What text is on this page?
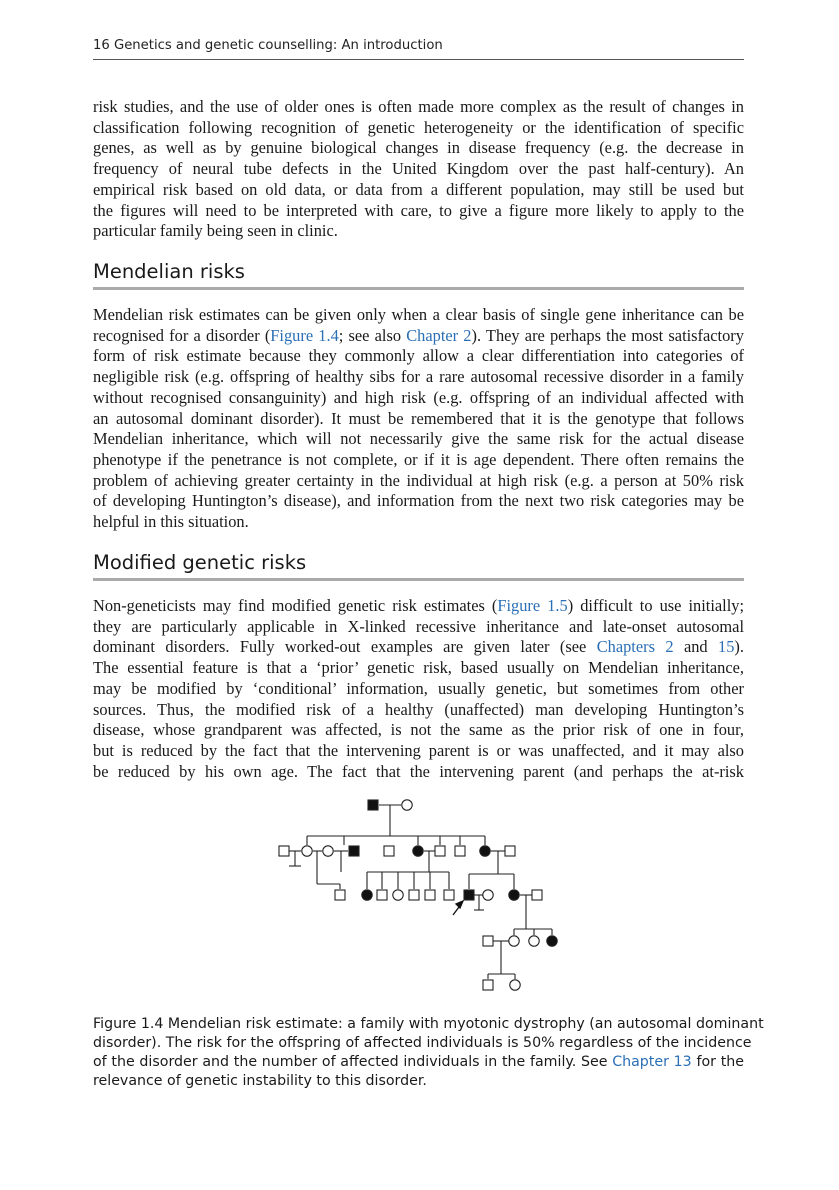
16 Genetics and genetic counselling: An introduction
risk studies, and the use of older ones is often made more complex as the result of changes in
classification following recognition of genetic heterogeneity or the identification of specific
genes, as well as by genuine biological changes in disease frequency (e.g. the decrease in
frequency of neural tube defects in the United Kingdom over the past half-century). An
empirical risk based on old data, or data from a different population, may still be used but
the figures will need to be interpreted with care, to give a figure more likely to apply to the
particular family being seen in clinic.
Mendelian risks
Mendelian risk estimates can be given only when a clear basis of single gene inheritance can be
recognised for a disorder (Figure 1.4; see also Chapter 2). They are perhaps the most satisfactory
form of risk estimate because they commonly allow a clear differentiation into categories of
negligible risk (e.g. offspring of healthy sibs for a rare autosomal recessive disorder in a family
without recognised consanguinity) and high risk (e.g. offspring of an individual affected with
an autosomal dominant disorder). It must be remembered that it is the genotype that follows
Mendelian inheritance, which will not necessarily give the same risk for the actual disease
phenotype if the penetrance is not complete, or if it is age dependent. There often remains the
problem of achieving greater certainty in the individual at high risk (e.g. a person at 50% risk
of developing Huntington’s disease), and information from the next two risk categories may be
helpful in this situation.
Modified genetic risks
Non-geneticists may find modified genetic risk estimates (Figure 1.5) difficult to use initially;
they are particularly applicable in X-linked recessive inheritance and late-onset autosomal
dominant disorders. Fully worked-out examples are given later (see Chapters 2 and 15).
The essential feature is that a ‘prior’ genetic risk, based usually on Mendelian inheritance,
may be modified by ‘conditional’ information, usually genetic, but sometimes from other
sources. Thus, the modified risk of a healthy (unaffected) man developing Huntington’s
disease, whose grandparent was affected, is not the same as the prior risk of one in four,
but is reduced by the fact that the intervening parent is or was unaffected, and it may also
be reduced by his own age. The fact that the intervening parent (and perhaps the at-risk
Figure 1.4 Mendelian risk estimate: a family with myotonic dystrophy (an autosomal dominant
disorder). The risk for the offspring of affected individuals is 50% regardless of the incidence
of the disorder and the number of affected individuals in the family. See Chapter 13 for the
relevance of genetic instability to this disorder.
